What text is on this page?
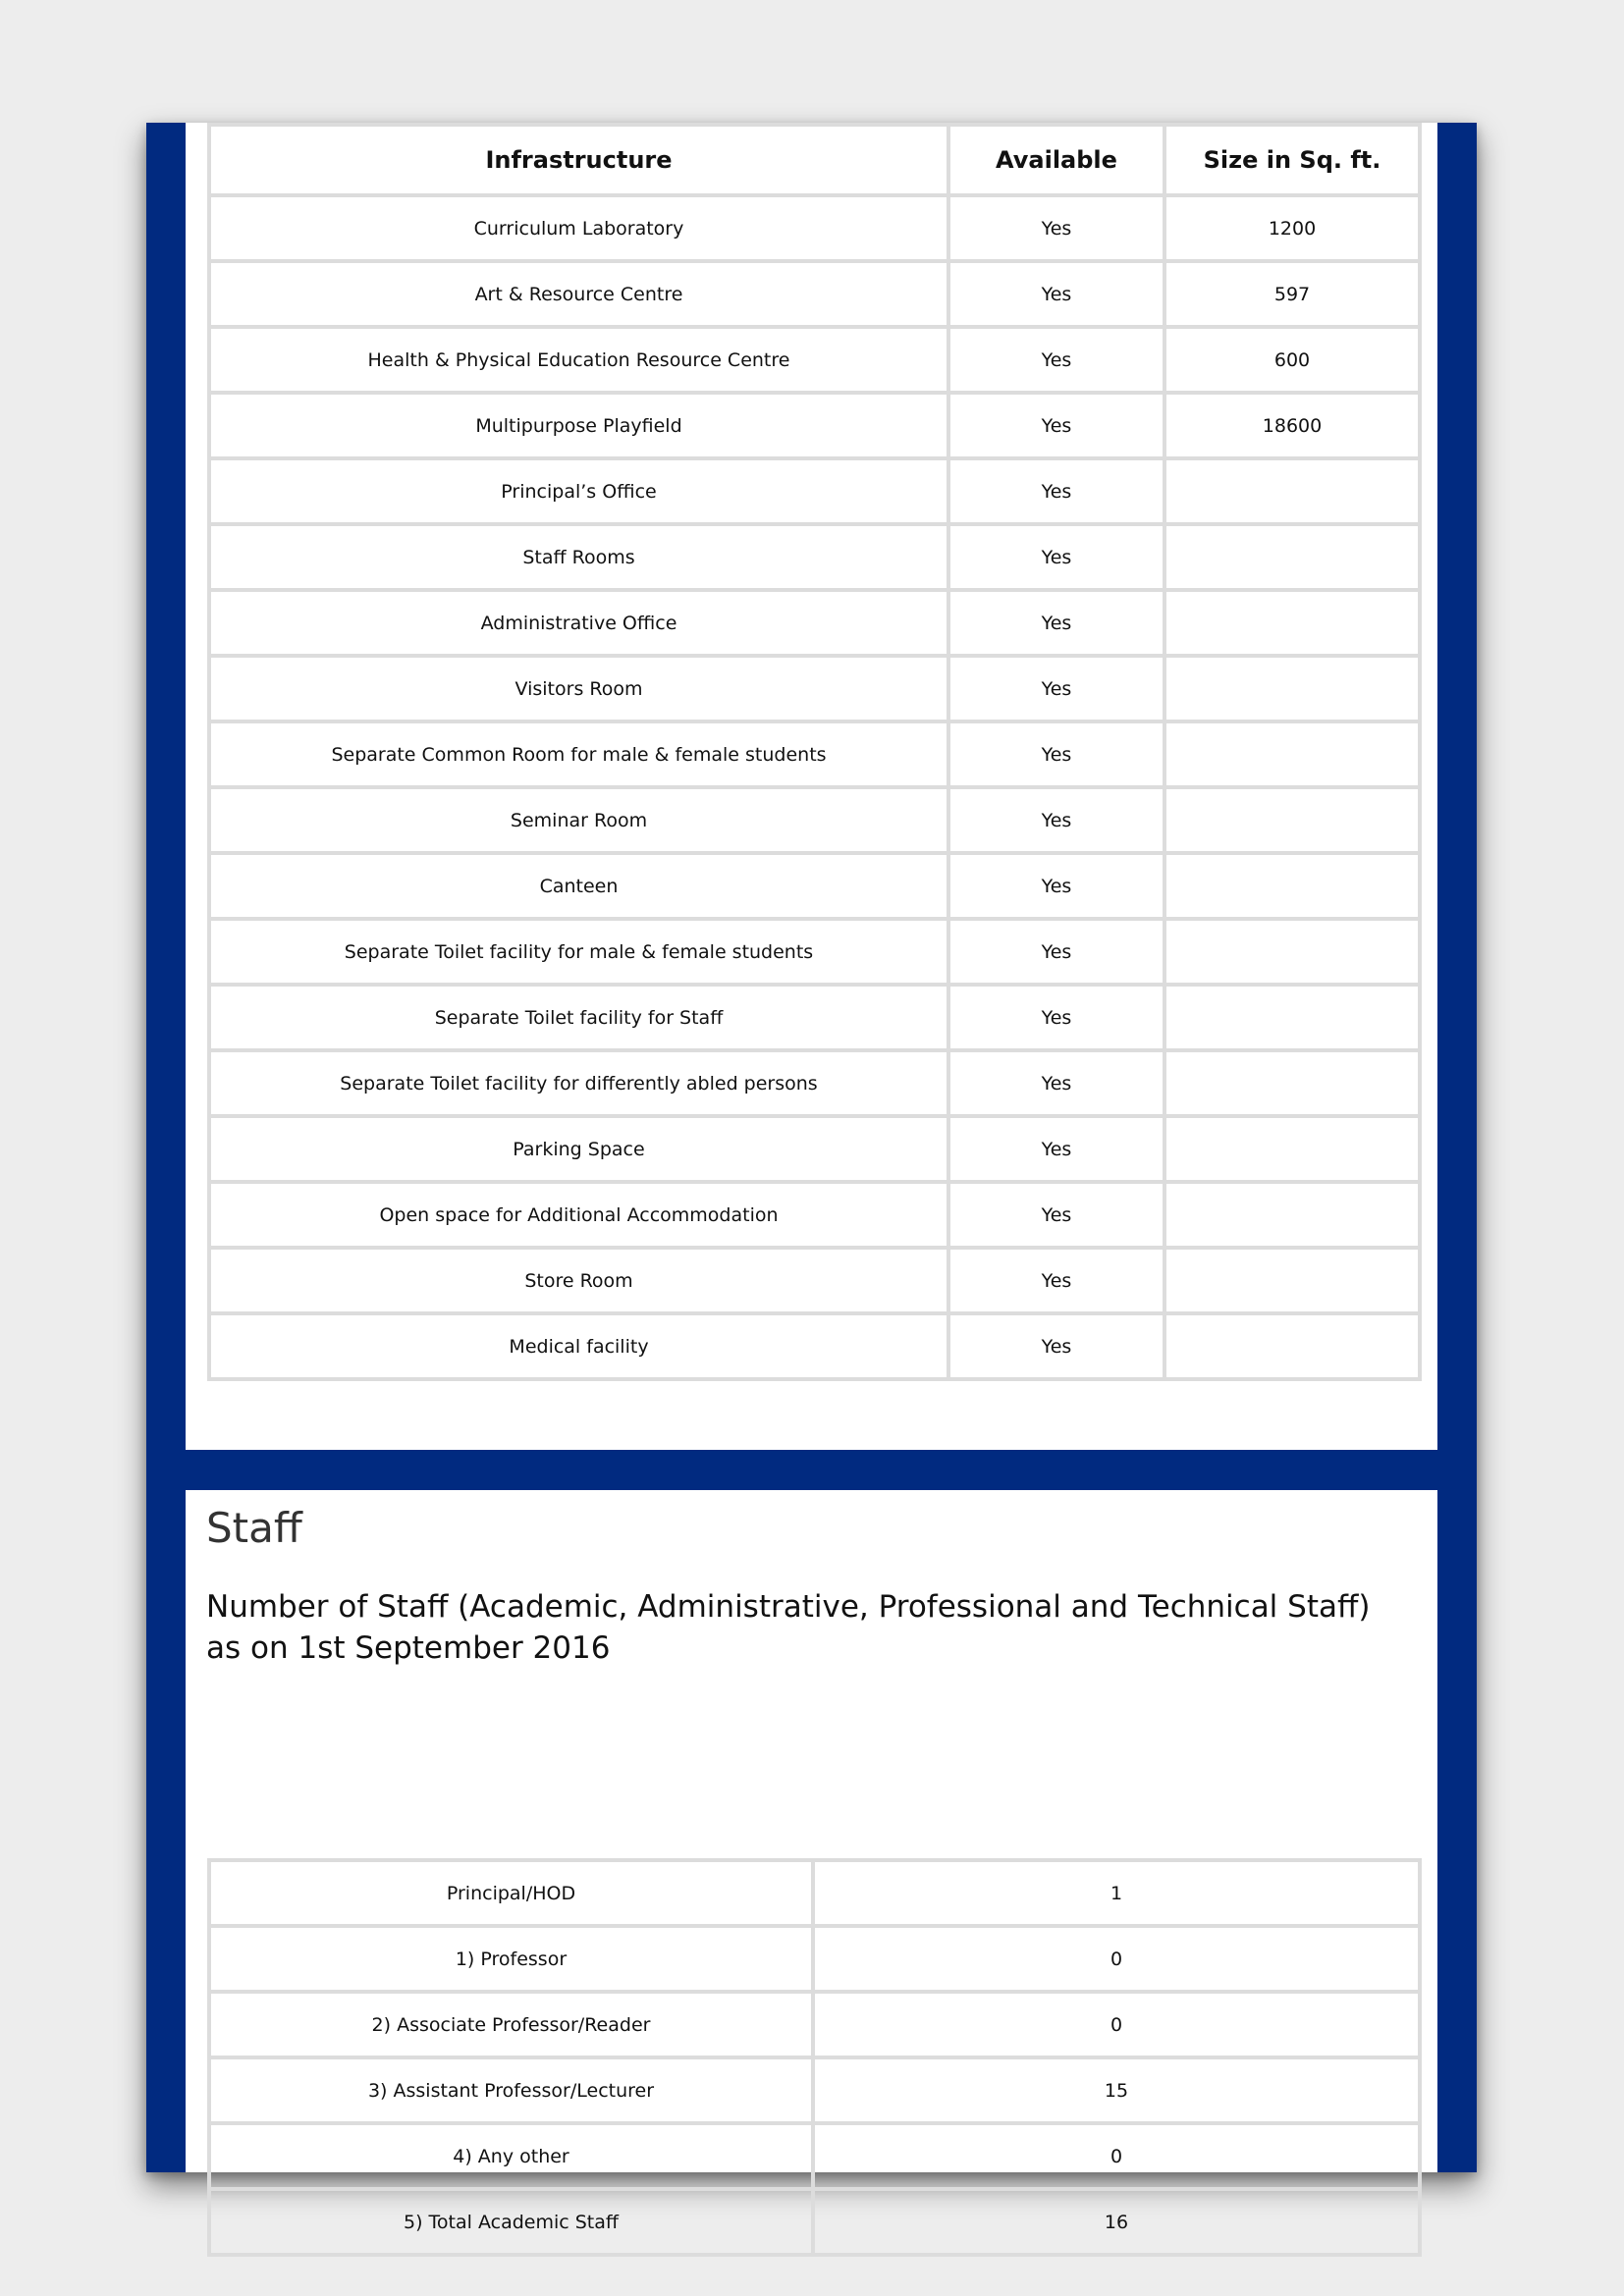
Infrastructure	Available	Size in Sq. ft.
Curriculum Laboratory	Yes	1200
Art & Resource Centre	Yes	597
Health & Physical Education Resource Centre	Yes	600
Multipurpose Playfield	Yes	18600
Principal’s Office	Yes	
Staff Rooms	Yes	
Administrative Office	Yes	
Visitors Room	Yes	
Separate Common Room for male & female students	Yes	
Seminar Room	Yes	
Canteen	Yes	
Separate Toilet facility for male & female students	Yes	
Separate Toilet facility for Staff	Yes	
Separate Toilet facility for differently abled persons	Yes	
Parking Space	Yes	
Open space for Additional Accommodation	Yes	
Store Room	Yes	
Medical facility	Yes	
Staff

Number of Staff (Academic, Administrative, Professional and Technical Staff) as on 1st September 2016

Principal/HOD	1
1) Professor	0
2) Associate Professor/Reader	0
3) Assistant Professor/Lecturer	15
4) Any other	0
5) Total Academic Staff	16
